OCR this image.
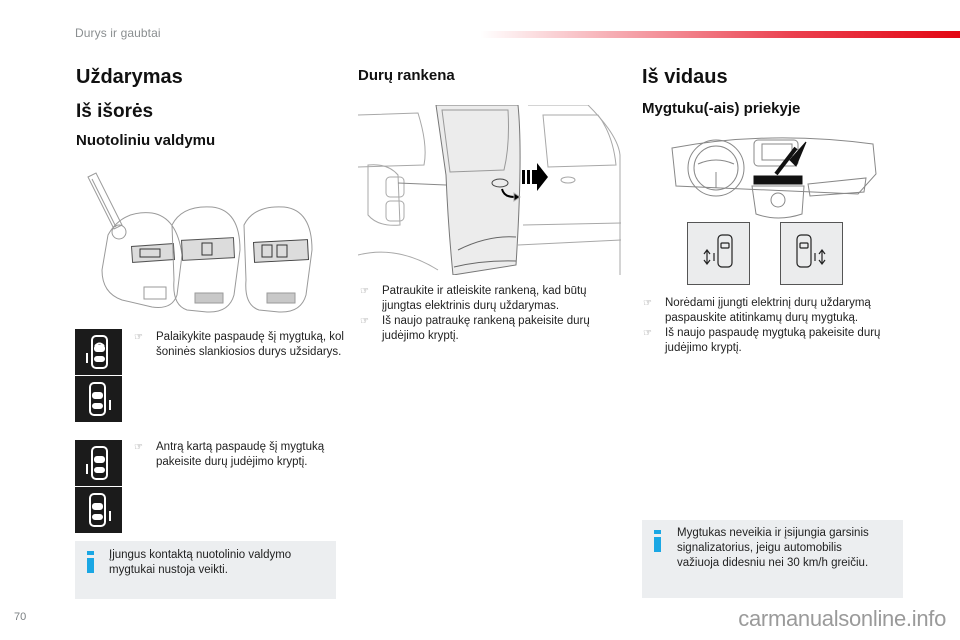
Durys ir gaubtai
Uždarymas
Iš išorės
Nuotoliniu valdymu
☞ Palaikykite paspaudę šį mygtuką, kol šoninės slankiosios durys užsidarys.
☞ Antrą kartą paspaudę šį mygtuką pakeisite durų judėjimo kryptį.
Įjungus kontaktą nuotolinio valdymo
mygtukai nustoja veikti.
Durų rankena
☞ Patraukite ir atleiskite rankeną, kad būtų
įjungtas elektrinis durų uždarymas.
☞ Iš naujo patraukę rankeną pakeisite durų
judėjimo kryptį.
Iš vidaus
Mygtuku(-ais) priekyje
☞ Norėdami įjungti elektrinį durų uždarymą
paspauskite atitinkamų durų mygtuką.
☞ Iš naujo paspaudę mygtuką pakeisite durų
judėjimo kryptį.
Mygtukas neveikia ir įsijungia garsinis
signalizatorius, jeigu automobilis
važiuoja didesniu nei 30 km/h greičiu.
70	carmanualsonline.info
